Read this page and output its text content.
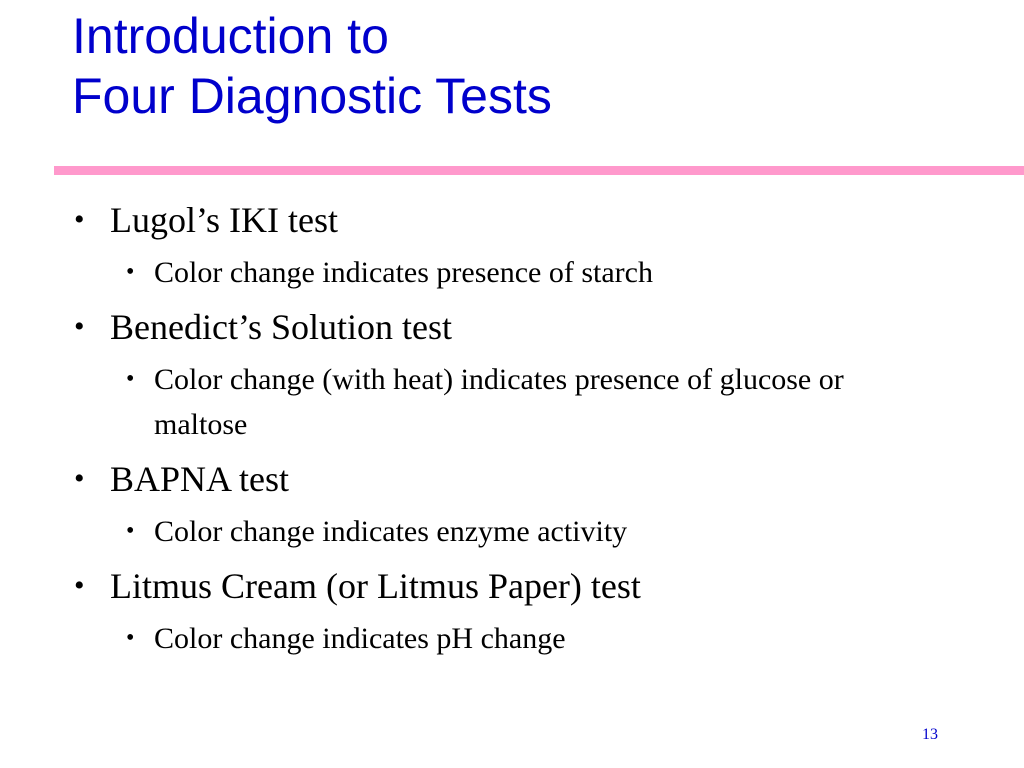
Introduction to
Four Diagnostic Tests
• Lugol’s IKI test
• Color change indicates presence of starch
• Benedict’s Solution test
• Color change (with heat) indicates presence of glucose or maltose
• BAPNA test
• Color change indicates enzyme activity
• Litmus Cream (or Litmus Paper) test
• Color change indicates pH change
13
